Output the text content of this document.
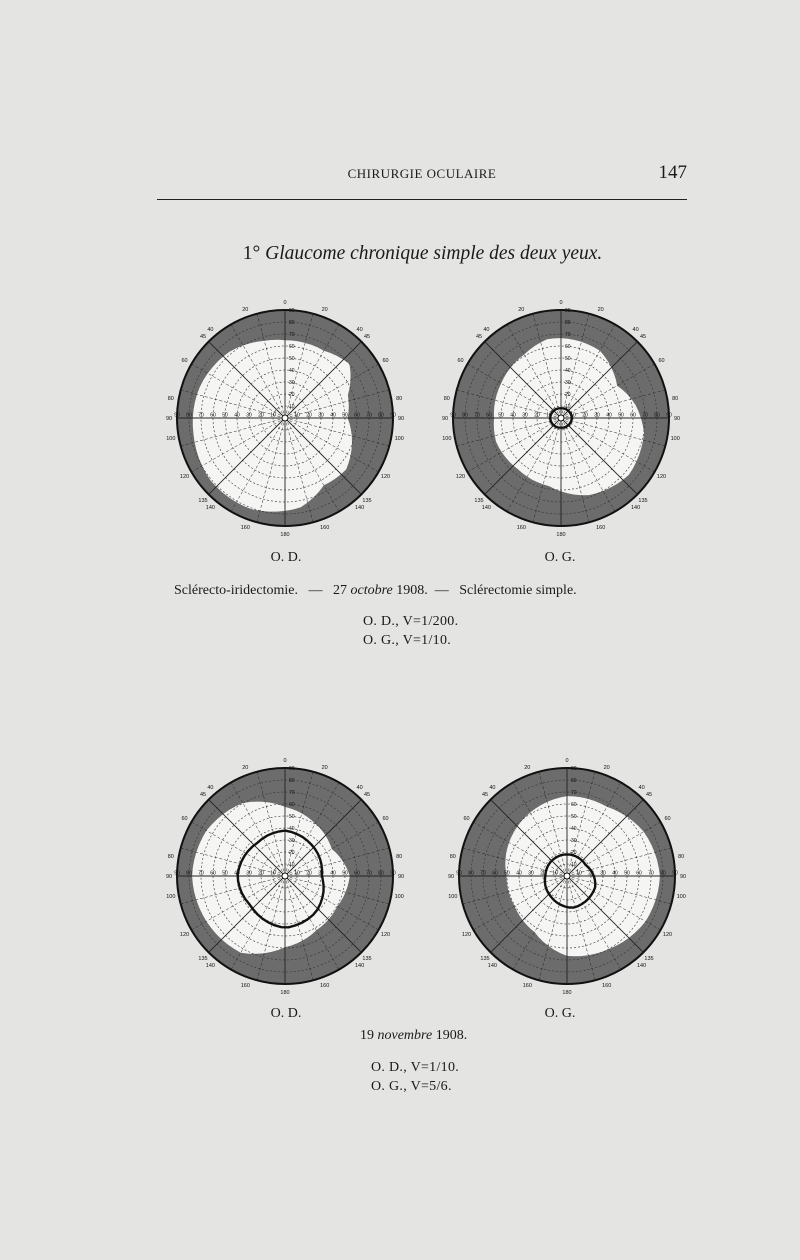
CHIRURGIE OCULAIRE	147
1° Glaucome chronique simple des deux yeux.
90
90
90
80
80
80
70
70
70
60
60
60
50
50
50
40
40
40
30
30
30
20
20
20
10
10
10
0
20
20
40
40
45
45
60
60
80
80
90
90
100
100
120
120
135
135
140
140
160
160
180
90
90
90
80
80
80
70
70
70
60
60
60
50
50
50
40
40
40
30
30
30
20
20
20
10
10
10
0
20
20
40
40
45
45
60
60
80
80
90
90
100
100
120
120
135
135
140
140
160
160
180
O. D.	O. G.
Sclérecto-iridectomie. — 27 octobre 1908. — Sclérectomie simple.
O. D., V=1/200.
O. G., V=1/10.
90
90
90
80
80
80
70
70
70
60
60
60
50
50
50
40
40
40
30
30
30
20
20
20
10
10
10
0
20
20
40
40
45
45
60
60
80
80
90
90
100
100
120
120
135
135
140
140
160
160
180
90
90
90
80
80
80
70
70
70
60
60
60
50
50
50
40
40
40
30
30
30
20
20
20
10
10
10
0
20
20
40
40
45
45
60
60
80
80
90
90
100
100
120
120
135
135
140
140
160
160
180
O. D.	O. G.
19 novembre 1908.
O. D., V=1/10.
O. G., V=5/6.
